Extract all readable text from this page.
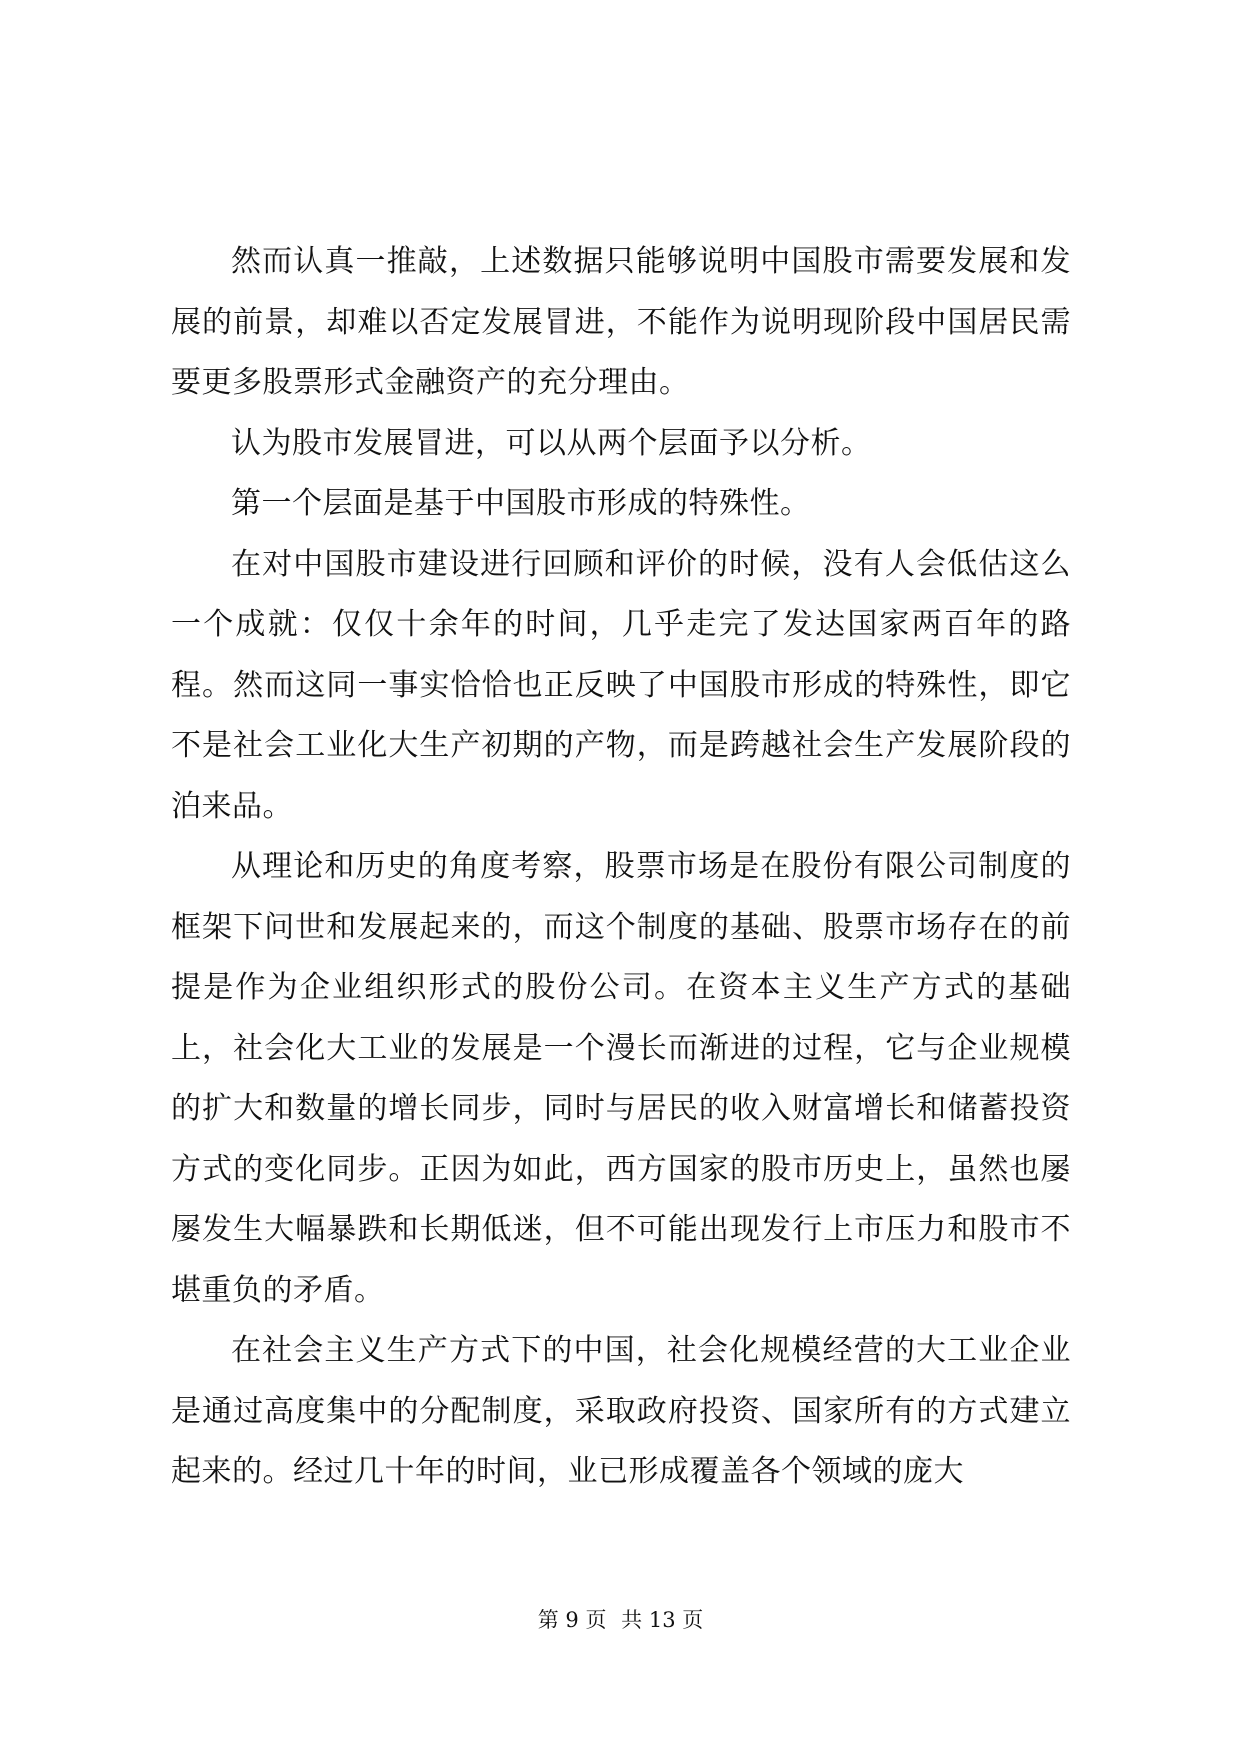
然而认真一推敲，上述数据只能够说明中国股市需要发展和发展的前景，却难以否定发展冒进，不能作为说明现阶段中国居民需要更多股票形式金融资产的充分理由。

认为股市发展冒进，可以从两个层面予以分析。

第一个层面是基于中国股市形成的特殊性。

在对中国股市建设进行回顾和评价的时候，没有人会低估这么一个成就：仅仅十余年的时间，几乎走完了发达国家两百年的路程。然而这同一事实恰恰也正反映了中国股市形成的特殊性，即它不是社会工业化大生产初期的产物，而是跨越社会生产发展阶段的泊来品。

从理论和历史的角度考察，股票市场是在股份有限公司制度的框架下问世和发展起来的，而这个制度的基础、股票市场存在的前提是作为企业组织形式的股份公司。在资本主义生产方式的基础上，社会化大工业的发展是一个漫长而渐进的过程，它与企业规模的扩大和数量的增长同步，同时与居民的收入财富增长和储蓄投资方式的变化同步。正因为如此，西方国家的股市历史上，虽然也屡屡发生大幅暴跌和长期低迷，但不可能出现发行上市压力和股市不堪重负的矛盾。

在社会主义生产方式下的中国，社会化规模经营的大工业企业是通过高度集中的分配制度，采取政府投资、国家所有的方式建立起来的。经过几十年的时间，业已形成覆盖各个领域的庞大

第 9 页 共 13 页
